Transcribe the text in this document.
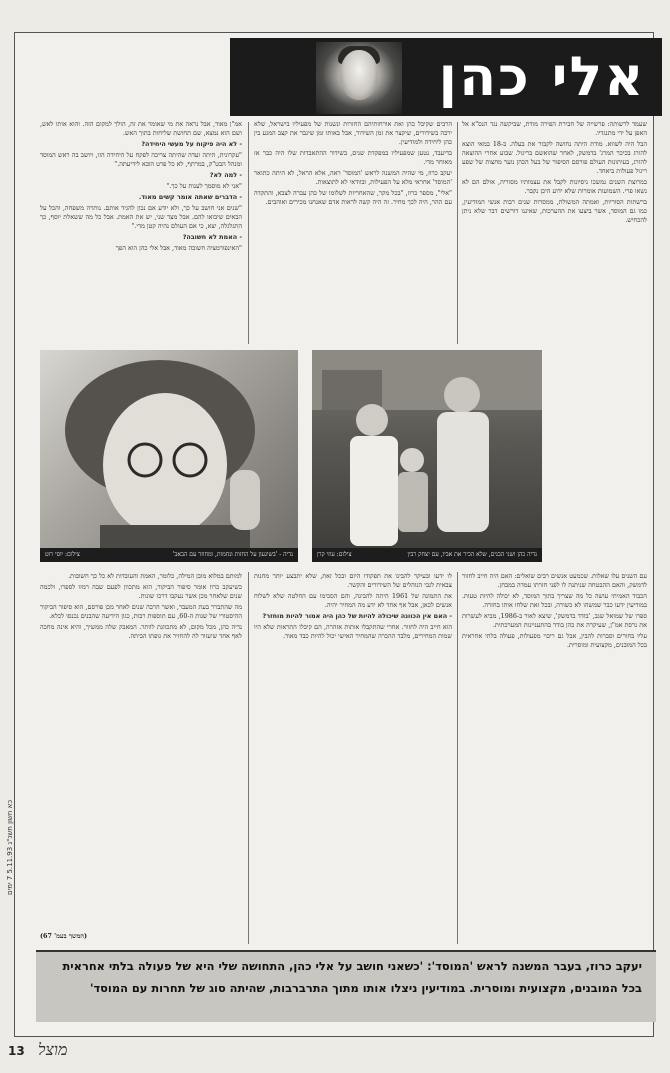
אלי כהן

שעמד לרשותה: פרשייה של חבירת הפירה מודת, שביקשה נגד הנס"א אל האפן על ידי מתנגדיו.

הבל היה לשווא. מודת היתה נחושה לקבור את בעלה. ב-18 במאי הוצא להורג בכיכר המרג' בדמשק, לאחר שהואשם בריגול. שבוע אחרי ההוצאה להורג, בעיתונות העולם פורסם הסיפור של בעל הכהן נוער מחצות של שפע ריגול פעולות ביאחד.

במרוצת השנים נמשכו ניסיונות לקבל את עצמותיו מסוריה, אולם הם לא נשאו פרי. השמועות אומרות שלא ידוע היכן נקבר.

ברשתות הסוריות, ואמתה המשולת, ממסרות שנים רבות אנשי המודיעין, כמו גם המוסד, אשר ביצעו את ההערכות, שאיננו דורשים דבר שלא ניתן להכחיש.

הרבים שקיבל כהן ואת אורחותיהם החזרות ונשנות של מפעיליו בישראל, שלא ירבה בשידורים, שיקצר את זמן השידור, אבל באותו זמן שיגבר את קצב המגע בין כהן ליחידה ולמודיעין.

בדיעבד, נטען שמפעיליו במפקדת שנים, בשידור ההתאבדות שלו היה כבר אז מאוחר מדי.

יעקב כרוז, מי שהיה המשנה לראש 'המוסד' ראה, אלא הראל, לא היתה כתואר 'המוסד' אחראי מלא על הפעילות, ובוודאי לא לתוצאות.

"אלי", מספר כרוז, "בכל מקר, שהאחריות לשלומו של כהן עברה לצבא, והתקדה עם ההר, היה לכך מחיר. זה היה קשה לראות אדם שאנחנו מכירים ואוהבים.

אמ"ן מאוד, אבל נראה את מי שאומר את זה, הולך למקום הזה. והוא אותו לאש, ושם הוא נמצא, שם תחושת שליחות בתוך האש.

- לא היה פיקוח על מעשי היחידה?

"עקרונית, היתה ועדה שהיתה צריכה לפקח על היחידה הזו, ויושב בה ראש המוסד ומנהל הבט"ק, במרתף, לא כל פרט הובא לידיעתה."

- למה לא?

"אני לא מוסמך לענות על כך."

- הדברים שאתה אומר קשים מאוד.

"שנים אני חושב על כך, ולא יודע אם נכון להגיד אותם. נותרה משפחה, והכל על הבאים שיבואו להם. אבל מצד שני, יש את האמת. אבל כל מה ששאלת יוסף, כך התגלגלה, יצא, כי אם העולם נהיה קטן מדי."

- האמת לא חשובה?

"האינפורמציה חשובה מאוד, אבל אלי כהן הוא הפך

צילום: עוזי קרן	נדיה כהן ושני הבנים, שלא הכיר את אביו, עם יצחק רבין
צילום: יוסי רוט	נדיה - 'בשיגעון על החזות ונחמות, ומחוזר עם הבאב'

עם השנים עלו שאלות. שכמעט אנשים רבים שואלים: האם היה חייב לחזור לדמשק, והאם ההבטחה שניתנה לו לפני חזרתו עמדה במבחן.

הכבוד האמיתי עושה כל מה שצריך בתוך המוסד, לא יכולה להיות טעות. במודיעין ידעו כבר שמשהו לא כשורה, ובכל זאת שלחו אותו בחזרה.

ספרו של שמואל שגב, 'בודד בדמשק', שיצא לאור ב-1986, מביא לעשרות את נרסת אמ"ן, שעיקרה את כהן בודד בהתעניינות המערכתית.

עליו בחורים וסברות להבין, אבל גם ריבוי מפעולות, פעולה בלתי אחראית בכל המובנים, מקצועית ומוסרית.

לו ידעו ובעיקר להבינו את תפקודו היום ובכל זאת, שלא יתבצע יותר מחנות צבאית לגבי הנוהלים של השידורים והקשר.

את התמונה של 1961 היתה להבינה, והם הסכימו עם החלטה שלא לשלוח אנשים לכאן, אבל אף אחד לא ידע מה המחיר יהיה.

- האם אין הכוונה שיכולה להיות של כהן היה אמור להיות מוחזר?

הוא חייב היה לחזור. אחרי שהתקבלו אותות אזהרה, הם קיבלו התראות שלא היו שמות המחירים, מלבד ההכרה שהמחיר האישי יכול להיות כבד מאוד.

למותם במלוא מובן המילה, כלומר, האמת והעובדות לא כל כך חשובות.

כשיעקב כרוז אומר סיפור הביקור, הוא מתכוון לפעם שבה רמזו לספרו, ולכמה שנים שלאחר מכן אשר נעקבו דרכו שונות.

מה שהתברר בעת המעבר, ואשר הרבה שנים לאחר מכן פורסם, הוא סיפור הביקור ההיסטורי של שנות ה-60, עם תוספות רבות, כגון הידיעה שהבנים נכנסו לכלא.

נדיה כהן, מכל מקום, לא מתכוונת לוותר. המאבק שלה ממשיך, והיא אינה מחכה לאף אחד שיעזור לה להחזיר את גופתו הביתה.

(המשך בעמ' 67)
יעקב כרוז, בעבר המשנה לראש 'המוסד': 'כשאני חושב על אלי כהן, התחושה שלי היא של פעולה בלתי אחראית בכל המובנים, מקצועית ומוסרית. במודיעין ניצלו אותו מתוך התרברבות, שהיתה סוג של תחרות עם המוסד'
כא חשון תשנ"ג 5.11.93 7 ימים
13 מוצל
